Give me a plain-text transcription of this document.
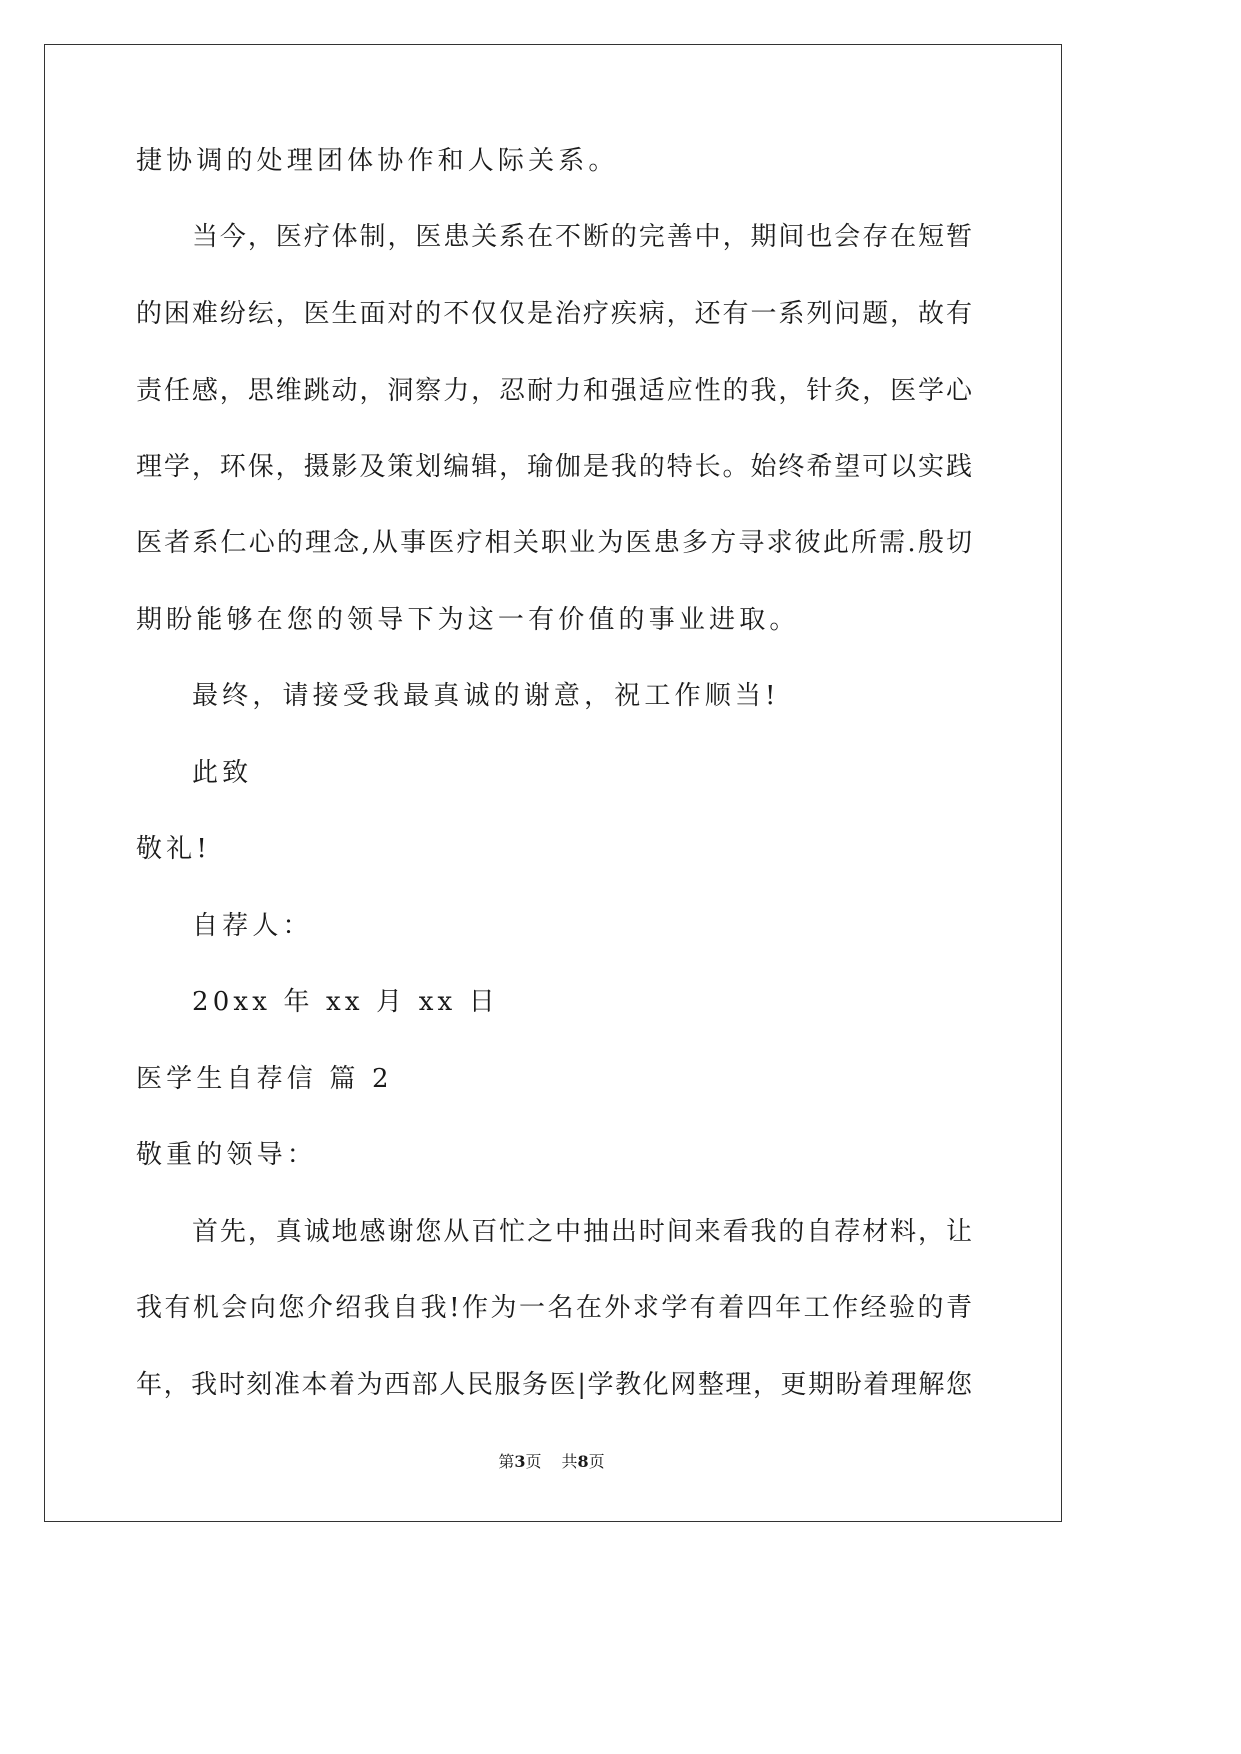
捷协调的处理团体协作和人际关系。
当今，医疗体制，医患关系在不断的完善中，期间也会存在短暂
的困难纷纭，医生面对的不仅仅是治疗疾病，还有一系列问题，故有
责任感，思维跳动，洞察力，忍耐力和强适应性的我，针灸，医学心
理学，环保，摄影及策划编辑，瑜伽是我的特长。始终希望可以实践
医者系仁心的理念,从事医疗相关职业为医患多方寻求彼此所需.殷切
期盼能够在您的领导下为这一有价值的事业进取。
最终，请接受我最真诚的谢意，祝工作顺当!
此致
敬礼!
自荐人：
20xx 年 xx 月 xx 日
医学生自荐信 篇 2
敬重的领导：
首先，真诚地感谢您从百忙之中抽出时间来看我的自荐材料，让
我有机会向您介绍我自我!作为一名在外求学有着四年工作经验的青
年，我时刻准本着为西部人民服务医|学教化网整理，更期盼着理解您
第3页 共8页
